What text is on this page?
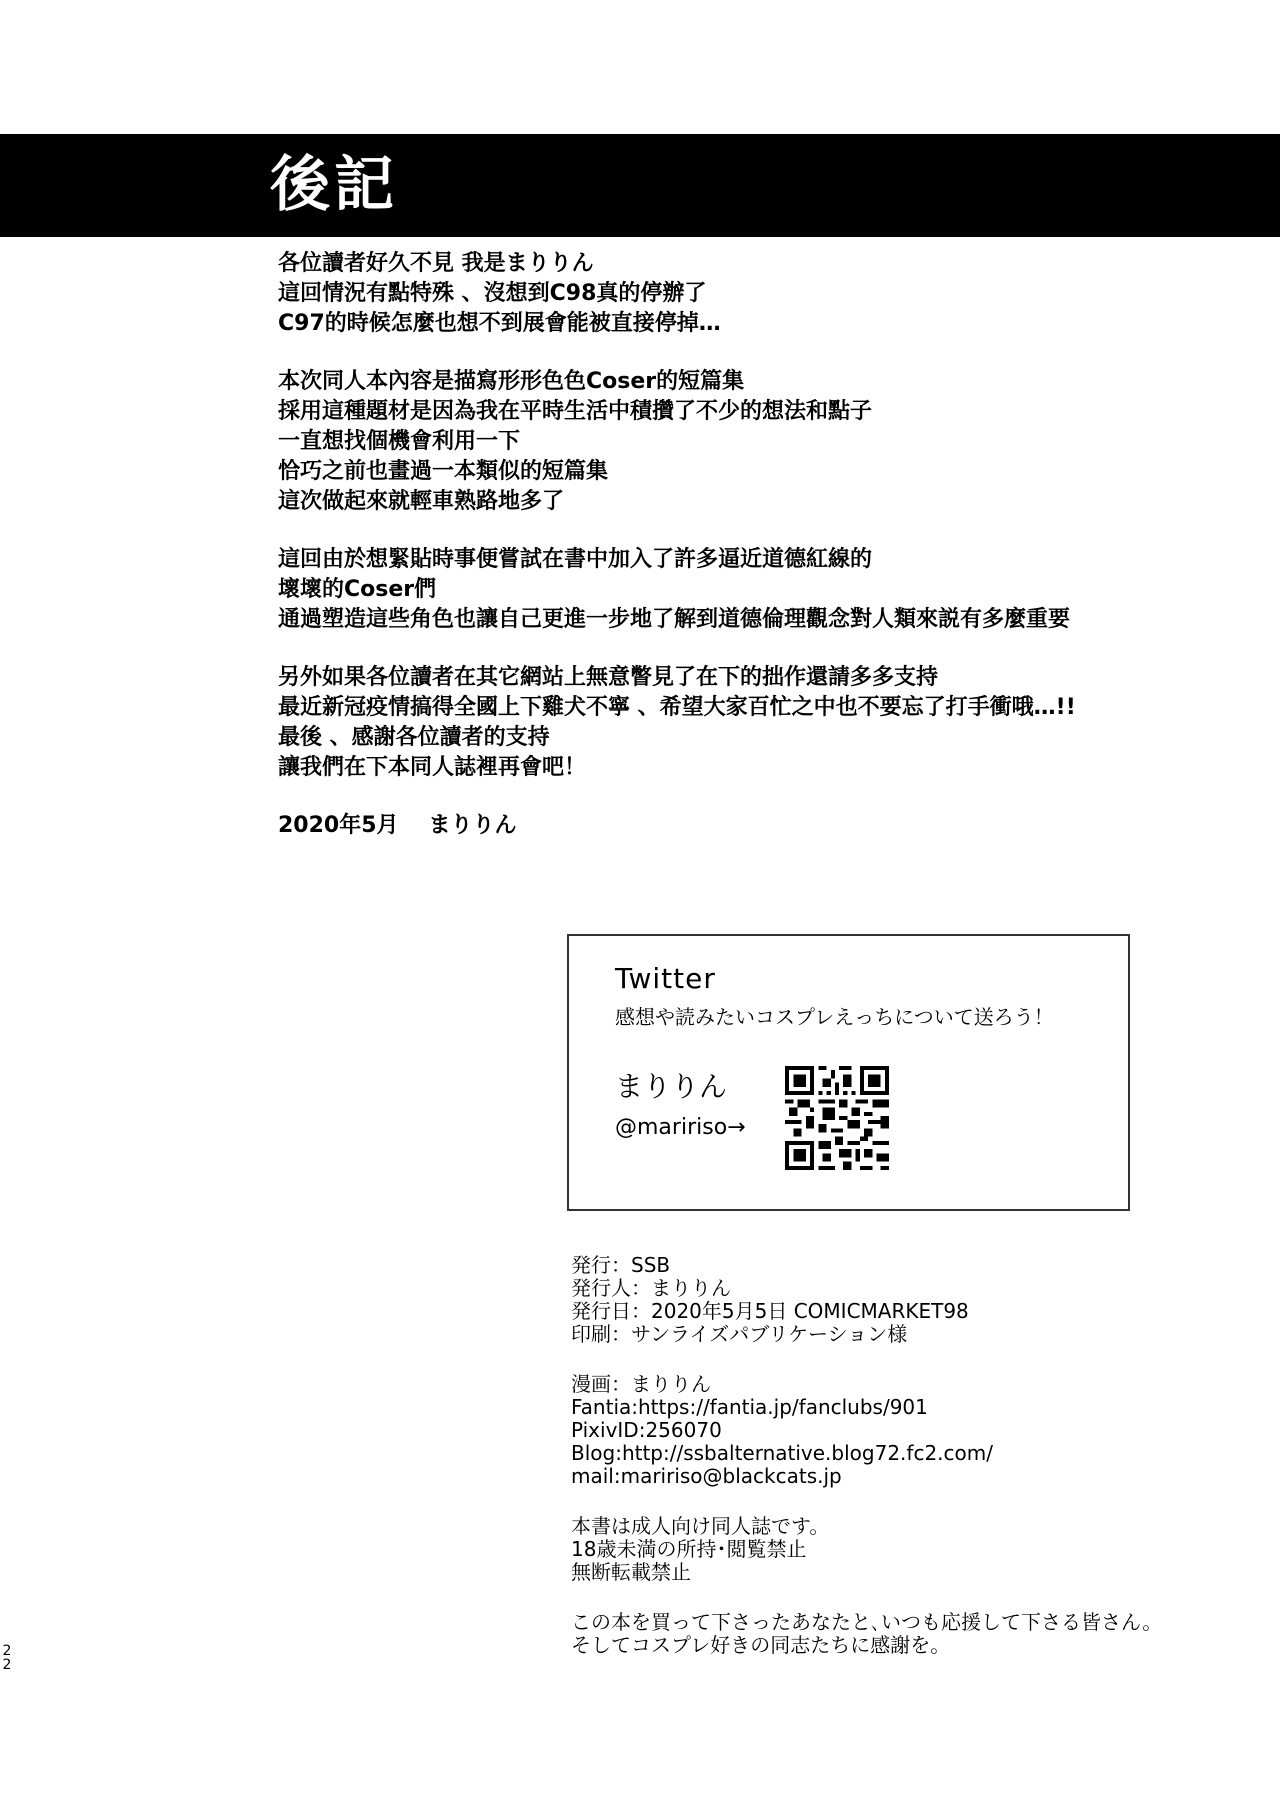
後記
各位讀者好久不見 我是まりりん
這回情況有點特殊 、沒想到C98真的停辦了
C97的時候怎麼也想不到展會能被直接停掉…
本次同人本內容是描寫形形色色Coser的短篇集
採用這種題材是因為我在平時生活中積攢了不少的想法和點子
一直想找個機會利用一下
恰巧之前也畫過一本類似的短篇集
這次做起來就輕車熟路地多了
這回由於想緊貼時事便嘗試在書中加入了許多逼近道德紅線的
壞壞的Coser們
通過塑造這些角色也讓自己更進一步地了解到道德倫理觀念對人類來説有多麼重要
另外如果各位讀者在其它網站上無意瞥見了在下的拙作還請多多支持
最近新冠疫情搞得全國上下雞犬不寧 、希望大家百忙之中也不要忘了打手衝哦…!!
最後 、感謝各位讀者的支持
讓我們在下本同人誌裡再會吧！
2020年5月 まりりん
Twitter
感想や読みたいコスプレえっちについて送ろう！
まりりん
@maririso→
発行：SSB
発行人：まりりん
発行日：2020年5月5日 COMICMARKET98
印刷：サンライズパブリケーション様
漫画：まりりん
Fantia:https://fantia.jp/fanclubs/901
PixivID:256070
Blog:http://ssbalternative.blog72.fc2.com/
mail:maririso@blackcats.jp
本書は成人向け同人誌です。
18歳未満の所持･閲覧禁止
無断転載禁止
この本を買って下さったあなたと､いつも応援して下さる皆さん。
そしてコスプレ好きの同志たちに感謝を。
22
